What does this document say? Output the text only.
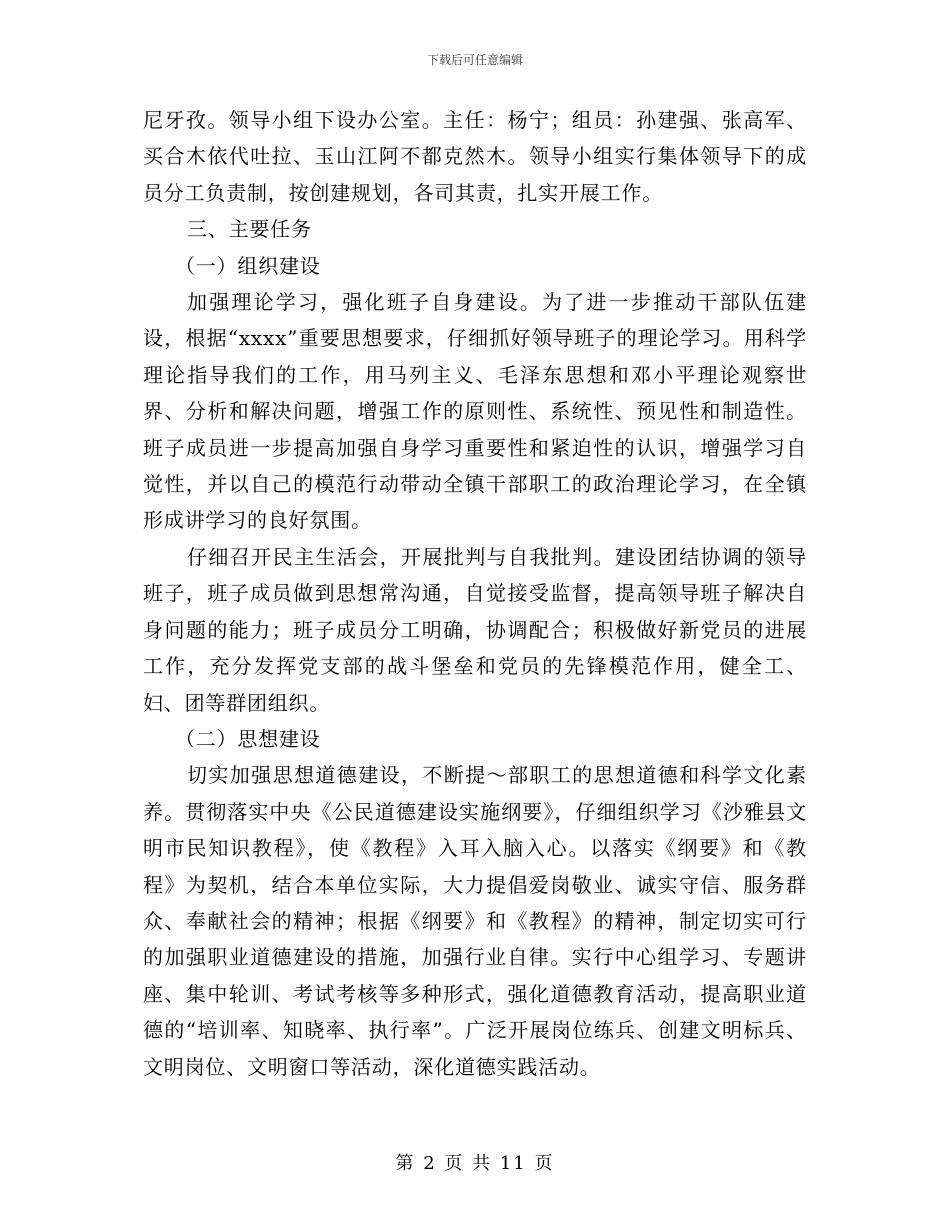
下载后可任意编辑

尼牙孜。领导小组下设办公室。主任：杨宁；组员：孙建强、张高军、买合木依代吐拉、玉山江阿不都克然木。领导小组实行集体领导下的成员分工负责制，按创建规划，各司其责，扎实开展工作。

三、主要任务

（一）组织建设

加强理论学习，强化班子自身建设。为了进一步推动干部队伍建设，根据“xxxx”重要思想要求，仔细抓好领导班子的理论学习。用科学理论指导我们的工作，用马列主义、毛泽东思想和邓小平理论观察世界、分析和解决问题，增强工作的原则性、系统性、预见性和制造性。班子成员进一步提高加强自身学习重要性和紧迫性的认识，增强学习自觉性，并以自己的模范行动带动全镇干部职工的政治理论学习，在全镇形成讲学习的良好氛围。

仔细召开民主生活会，开展批判与自我批判。建设团结协调的领导班子，班子成员做到思想常沟通，自觉接受监督，提高领导班子解决自身问题的能力；班子成员分工明确，协调配合；积极做好新党员的进展工作，充分发挥党支部的战斗堡垒和党员的先锋模范作用，健全工、妇、团等群团组织。

（二）思想建设

切实加强思想道德建设，不断提～部职工的思想道德和科学文化素养。贯彻落实中央《公民道德建设实施纲要》，仔细组织学习《沙雅县文明市民知识教程》，使《教程》入耳入脑入心。以落实《纲要》和《教程》为契机，结合本单位实际，大力提倡爱岗敬业、诚实守信、服务群众、奉献社会的精神；根据《纲要》和《教程》的精神，制定切实可行的加强职业道德建设的措施，加强行业自律。实行中心组学习、专题讲座、集中轮训、考试考核等多种形式，强化道德教育活动，提高职业道德的“培训率、知晓率、执行率”。广泛开展岗位练兵、创建文明标兵、文明岗位、文明窗口等活动，深化道德实践活动。

第 2 页 共 11 页
